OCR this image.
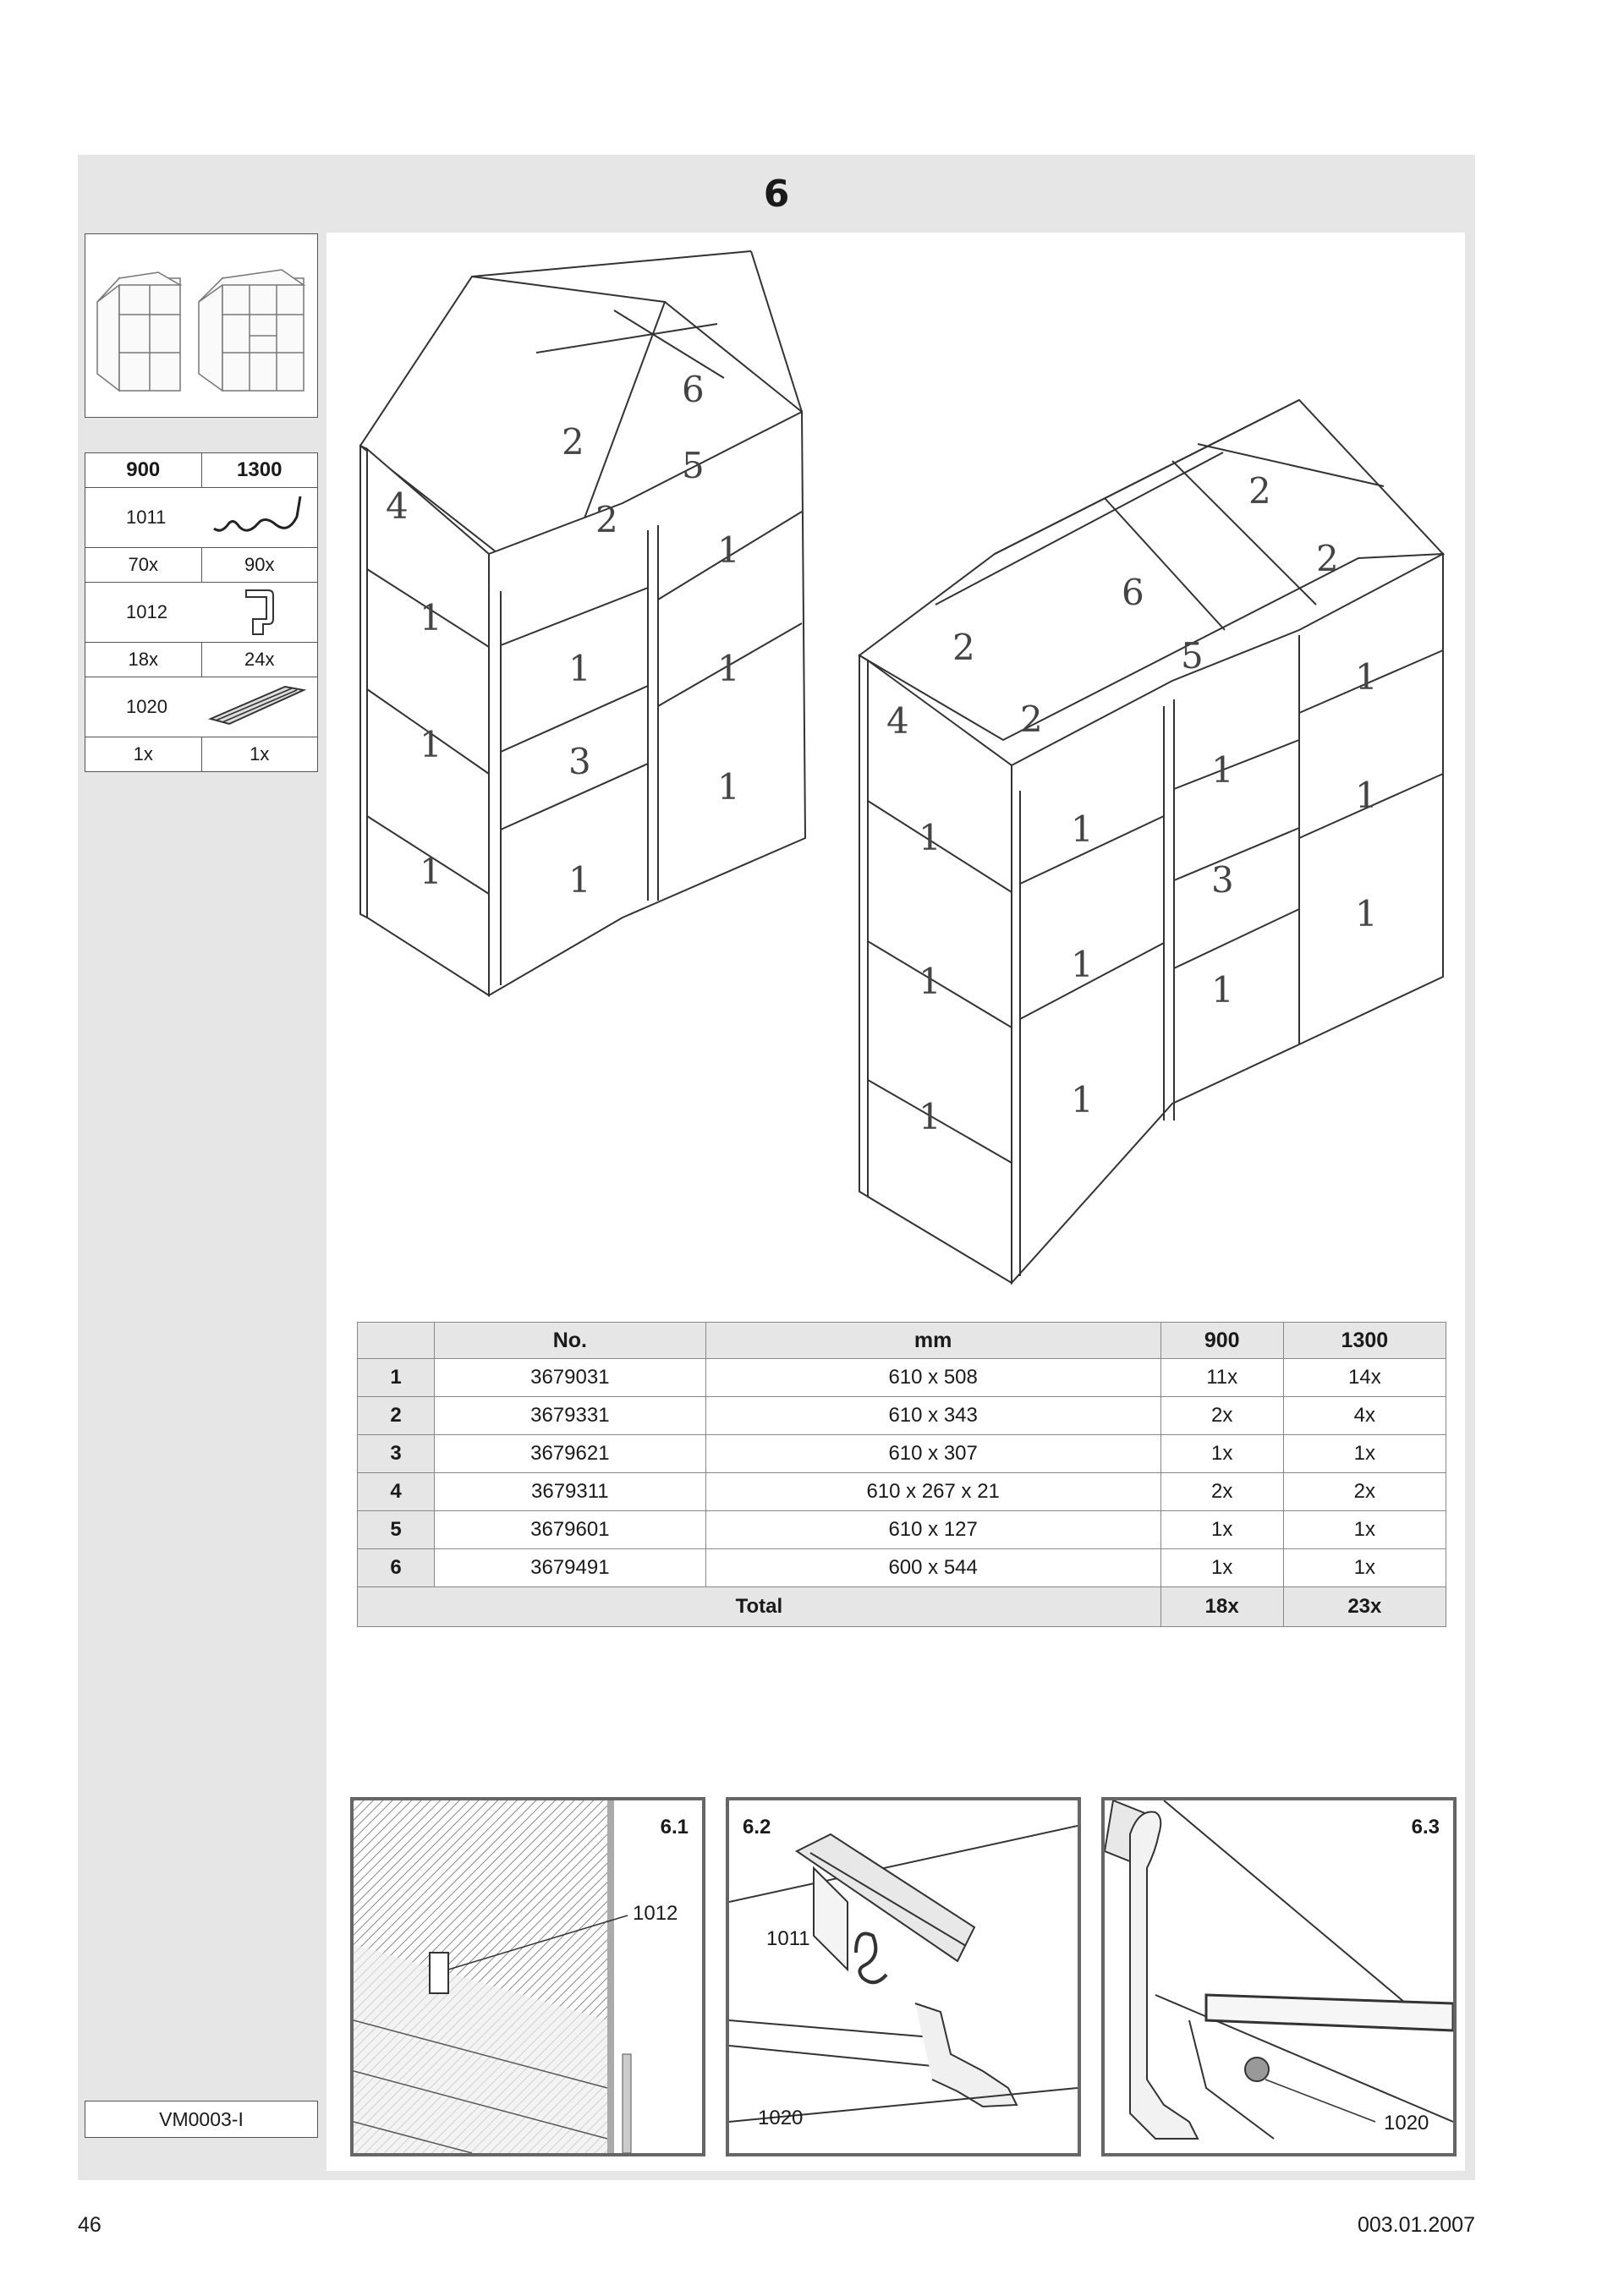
6
900	1300
1011	

70x	90x
1012	

18x	24x
1020	

1x	1x
VM0003-I
2
2
6
5
4
1
1
1
1
3
1
1
1
1
2
2
6
2
2
5
4
1
1
1
1
1
1
1
3
1
1
1
1
	No.	mm	900	1300
1	3679031	610 x 508	11x	14x
2	3679331	610 x 343	2x	4x
3	3679621	610 x 307	1x	1x
4	3679311	610 x 267 x 21	2x	2x
5	3679601	610 x 127	1x	1x
6	3679491	600 x 544	1x	1x
Total			18x	23x
6.1
1012
6.2
1011
1020
6.3
1020
46	003.01.2007
